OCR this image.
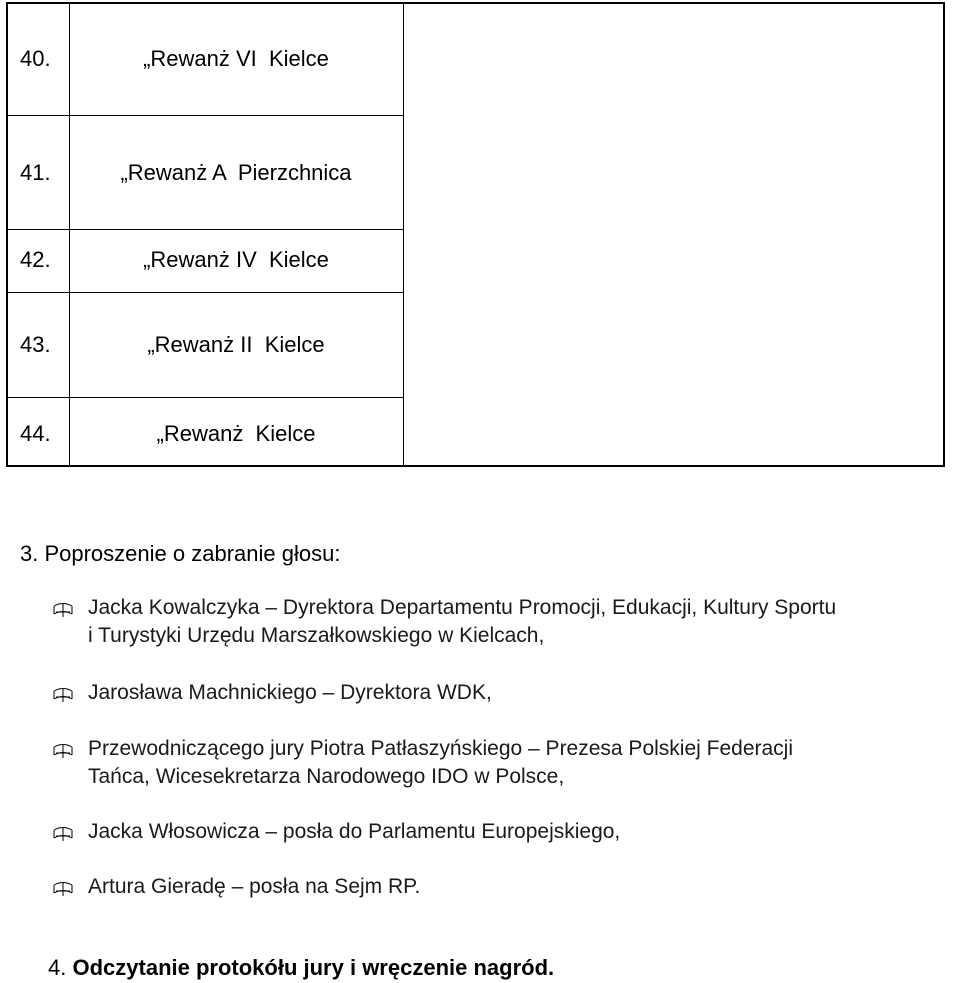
40.	„Rewanż VI  Kielce
41.	„Rewanż A  Pierzchnica
42.	„Rewanż IV  Kielce
43.	„Rewanż II  Kielce
44.	„Rewanż  Kielce
3. Poproszenie o zabranie głosu:
Jacka Kowalczyka – Dyrektora Departamentu Promocji, Edukacji, Kultury Sportu
i Turystyki Urzędu Marszałkowskiego w Kielcach,
Jarosława Machnickiego – Dyrektora WDK,
Przewodniczącego jury Piotra Patłaszyńskiego – Prezesa Polskiej Federacji
Tańca, Wicesekretarza Narodowego IDO w Polsce,
Jacka Włosowicza – posła do Parlamentu Europejskiego,
Artura Gieradę – posła na Sejm RP.
4. Odczytanie protokółu jury i wręczenie nagród.
